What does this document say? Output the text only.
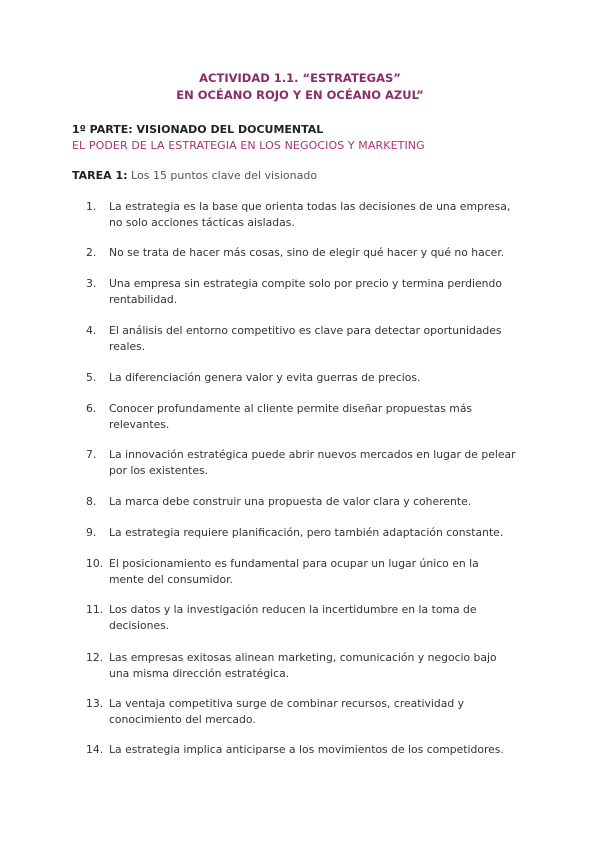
ACTIVIDAD 1.1. “ESTRATEGAS”
EN OCÉANO ROJO Y EN OCÉANO AZUL”
1º PARTE: VISIONADO DEL DOCUMENTAL
EL PODER DE LA ESTRATEGIA EN LOS NEGOCIOS Y MARKETING
TAREA 1: Los 15 puntos clave del visionado
1.	La estrategia es la base que orienta todas las decisiones de una empresa,
no solo acciones tácticas aisladas.
2.	No se trata de hacer más cosas, sino de elegir qué hacer y qué no hacer.

3.	Una empresa sin estrategia compite solo por precio y termina perdiendo
rentabilidad.
4.	El análisis del entorno competitivo es clave para detectar oportunidades
reales.
5.	La diferenciación genera valor y evita guerras de precios.

6.	Conocer profundamente al cliente permite diseñar propuestas más
relevantes.
7.	La innovación estratégica puede abrir nuevos mercados en lugar de pelear
por los existentes.
8.	La marca debe construir una propuesta de valor clara y coherente.

9.	La estrategia requiere planificación, pero también adaptación constante.

10. El posicionamiento es fundamental para ocupar un lugar único en la
mente del consumidor.
11. Los datos y la investigación reducen la incertidumbre en la toma de
decisiones.
12. Las empresas exitosas alinean marketing, comunicación y negocio bajo
una misma dirección estratégica.
13. La ventaja competitiva surge de combinar recursos, creatividad y
conocimiento del mercado.
14. La estrategia implica anticiparse a los movimientos de los competidores.
